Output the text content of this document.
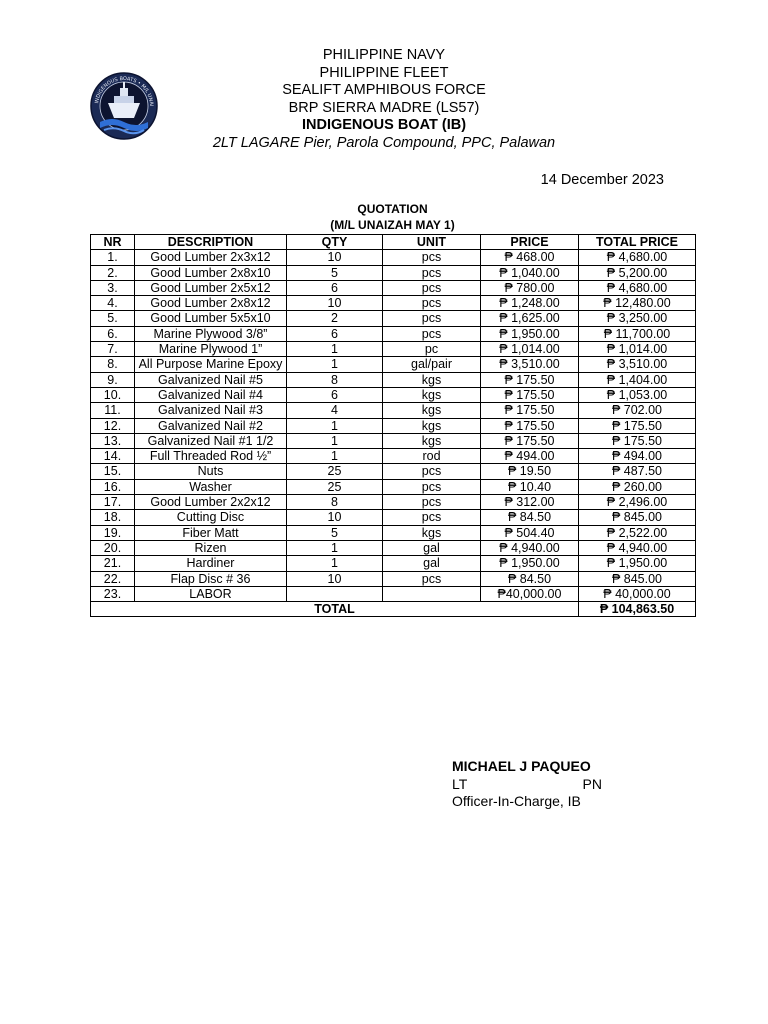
INDIGENOUS BOATS • M/L UNAI
PHILIPPINE NAVY
PHILIPPINE FLEET
SEALIFT AMPHIBOUS FORCE
BRP SIERRA MADRE (LS57)
INDIGENOUS BOAT (IB)
2LT LAGARE Pier, Parola Compound, PPC, Palawan
14 December 2023
QUOTATION
(M/L UNAIZAH MAY 1)
NR	DESCRIPTION	QTY	UNIT	PRICE	TOTAL PRICE
1.	Good Lumber 2x3x12	10	pcs	₱ 468.00	₱ 4,680.00
2.	Good Lumber 2x8x10	5	pcs	₱ 1,040.00	₱ 5,200.00
3.	Good Lumber 2x5x12	6	pcs	₱ 780.00	₱ 4,680.00
4.	Good Lumber 2x8x12	10	pcs	₱ 1,248.00	₱ 12,480.00
5.	Good Lumber 5x5x10	2	pcs	₱ 1,625.00	₱ 3,250.00
6.	Marine Plywood 3/8”	6	pcs	₱ 1,950.00	₱ 11,700.00
7.	Marine Plywood 1”	1	pc	₱ 1,014.00	₱ 1,014.00
8.	All Purpose Marine Epoxy	1	gal/pair	₱ 3,510.00	₱ 3,510.00
9.	Galvanized Nail #5	8	kgs	₱ 175.50	₱ 1,404.00
10.	Galvanized Nail #4	6	kgs	₱ 175.50	₱ 1,053.00
11.	Galvanized Nail #3	4	kgs	₱ 175.50	₱ 702.00
12.	Galvanized Nail #2	1	kgs	₱ 175.50	₱ 175.50
13.	Galvanized Nail #1 1/2	1	kgs	₱ 175.50	₱ 175.50
14.	Full Threaded Rod ½”	1	rod	₱ 494.00	₱ 494.00
15.	Nuts	25	pcs	₱ 19.50	₱ 487.50
16.	Washer	25	pcs	₱ 10.40	₱ 260.00
17.	Good Lumber 2x2x12	8	pcs	₱ 312.00	₱ 2,496.00
18.	Cutting Disc	10	pcs	₱ 84.50	₱ 845.00
19.	Fiber Matt	5	kgs	₱ 504.40	₱ 2,522.00
20.	Rizen	1	gal	₱ 4,940.00	₱ 4,940.00
21.	Hardiner	1	gal	₱ 1,950.00	₱ 1,950.00
22.	Flap Disc # 36	10	pcs	₱ 84.50	₱ 845.00
23.	LABOR			₱40,000.00	₱ 40,000.00
TOTAL					₱ 104,863.50
MICHAEL J PAQUEO
LT	PN
Officer-In-Charge, IB
